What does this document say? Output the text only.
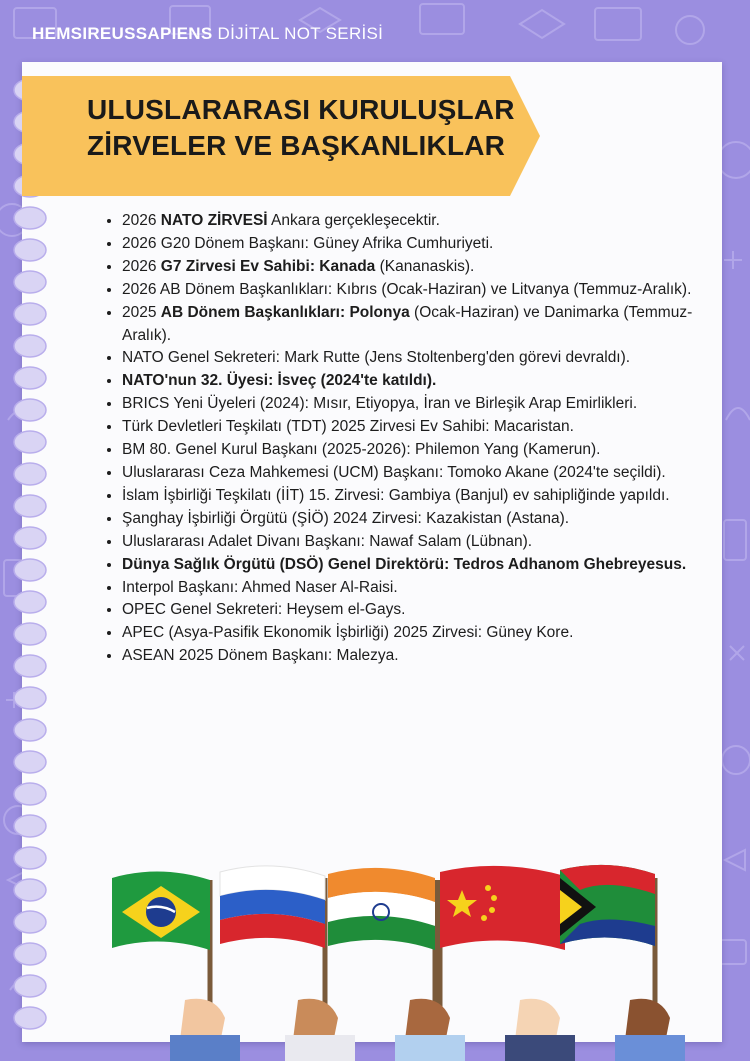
HEMSIREUSSAPIENS DİJİTAL NOT SERİSİ
ULUSLARARASI KURULUŞLAR
ZİRVELER VE BAŞKANLIKLAR
• 2026 NATO ZİRVESİ Ankara gerçekleşecektir.
• 2026 G20 Dönem Başkanı: Güney Afrika Cumhuriyeti.
• 2026 G7 Zirvesi Ev Sahibi: Kanada (Kananaskis).
• 2026 AB Dönem Başkanlıkları: Kıbrıs (Ocak-Haziran) ve Litvanya (Temmuz-Aralık).
• 2025 AB Dönem Başkanlıkları: Polonya (Ocak-Haziran) ve Danimarka (Temmuz-Aralık).
• NATO Genel Sekreteri: Mark Rutte (Jens Stoltenberg'den görevi devraldı).
• NATO'nun 32. Üyesi: İsveç (2024'te katıldı).
• BRICS Yeni Üyeleri (2024): Mısır, Etiyopya, İran ve Birleşik Arap Emirlikleri.
• Türk Devletleri Teşkilatı (TDT) 2025 Zirvesi Ev Sahibi: Macaristan.
• BM 80. Genel Kurul Başkanı (2025-2026): Philemon Yang (Kamerun).
• Uluslararası Ceza Mahkemesi (UCM) Başkanı: Tomoko Akane (2024'te seçildi).
• İslam İşbirliği Teşkilatı (İİT) 15. Zirvesi: Gambiya (Banjul) ev sahipliğinde yapıldı.
• Şanghay İşbirliği Örgütü (ŞİÖ) 2024 Zirvesi: Kazakistan (Astana).
• Uluslararası Adalet Divanı Başkanı: Nawaf Salam (Lübnan).
• Dünya Sağlık Örgütü (DSÖ) Genel Direktörü: Tedros Adhanom Ghebreyesus.
• Interpol Başkanı: Ahmed Naser Al-Raisi.
• OPEC Genel Sekreteri: Heysem el-Gays.
• APEC (Asya-Pasifik Ekonomik İşbirliği) 2025 Zirvesi: Güney Kore.
• ASEAN 2025 Dönem Başkanı: Malezya.
